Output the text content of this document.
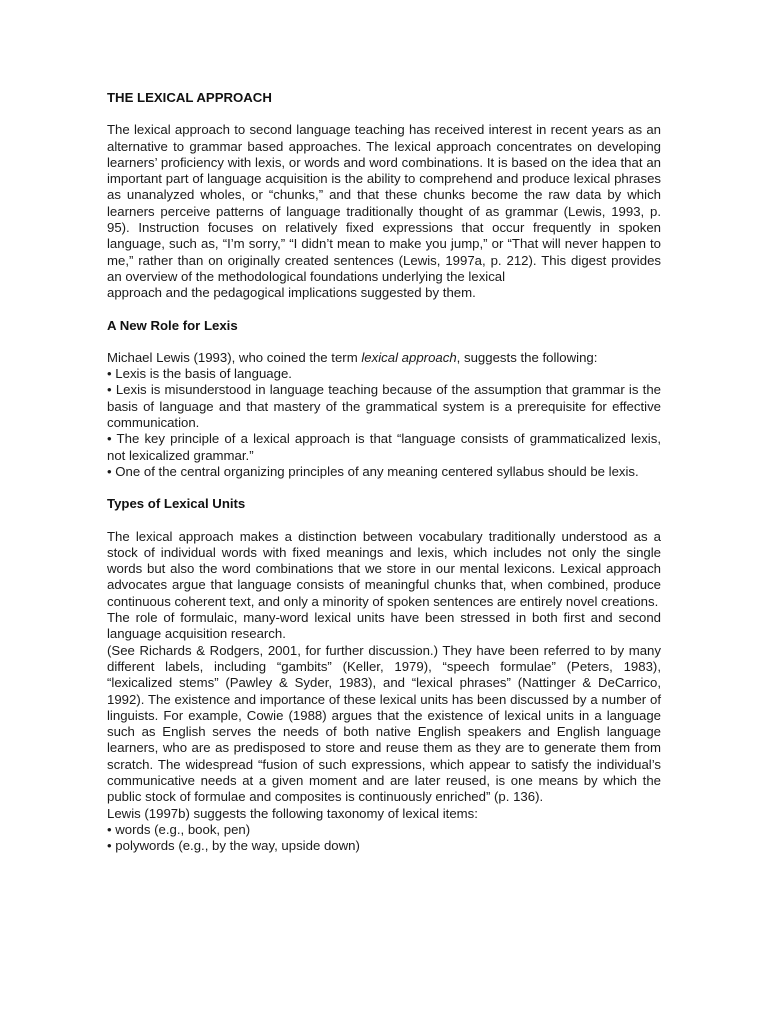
THE LEXICAL APPROACH

The lexical approach to second language teaching has received interest in recent years as an alternative to grammar based approaches. The lexical approach concentrates on developing learners’ proficiency with lexis, or words and word combinations. It is based on the idea that an important part of language acquisition is the ability to comprehend and produce lexical phrases as unanalyzed wholes, or “chunks,” and that these chunks become the raw data by which learners perceive patterns of language traditionally thought of as grammar (Lewis, 1993, p. 95). Instruction focuses on relatively fixed expressions that occur frequently in spoken language, such as, “I’m sorry,” “I didn’t mean to make you jump,” or “That will never happen to me,” rather than on originally created sentences (Lewis, 1997a, p. 212). This digest provides an overview of the methodological foundations underlying the lexical

approach and the pedagogical implications suggested by them.

A New Role for Lexis

Michael Lewis (1993), who coined the term lexical approach, suggests the following:

• Lexis is the basis of language.

• Lexis is misunderstood in language teaching because of the assumption that grammar is the basis of language and that mastery of the grammatical system is a prerequisite for effective communication.

• The key principle of a lexical approach is that “language consists of grammaticalized lexis, not lexicalized grammar.”

• One of the central organizing principles of any meaning centered syllabus should be lexis.

Types of Lexical Units

The lexical approach makes a distinction between vocabulary traditionally understood as a stock of individual words with fixed meanings and lexis, which includes not only the single words but also the word combinations that we store in our mental lexicons. Lexical approach advocates argue that language consists of meaningful chunks that, when combined, produce continuous coherent text, and only a minority of spoken sentences are entirely novel creations.

The role of formulaic, many-word lexical units have been stressed in both first and second language acquisition research.

(See Richards & Rodgers, 2001, for further discussion.) They have been referred to by many different labels, including “gambits” (Keller, 1979), “speech formulae” (Peters, 1983), “lexicalized stems” (Pawley & Syder, 1983), and “lexical phrases” (Nattinger & DeCarrico, 1992). The existence and importance of these lexical units has been discussed by a number of linguists. For example, Cowie (1988) argues that the existence of lexical units in a language such as English serves the needs of both native English speakers and English language learners, who are as predisposed to store and reuse them as they are to generate them from scratch. The widespread “fusion of such expressions, which appear to satisfy the individual’s communicative needs at a given moment and are later reused, is one means by which the public stock of formulae and composites is continuously enriched” (p. 136).

Lewis (1997b) suggests the following taxonomy of lexical items:

• words (e.g., book, pen)

• polywords (e.g., by the way, upside down)
